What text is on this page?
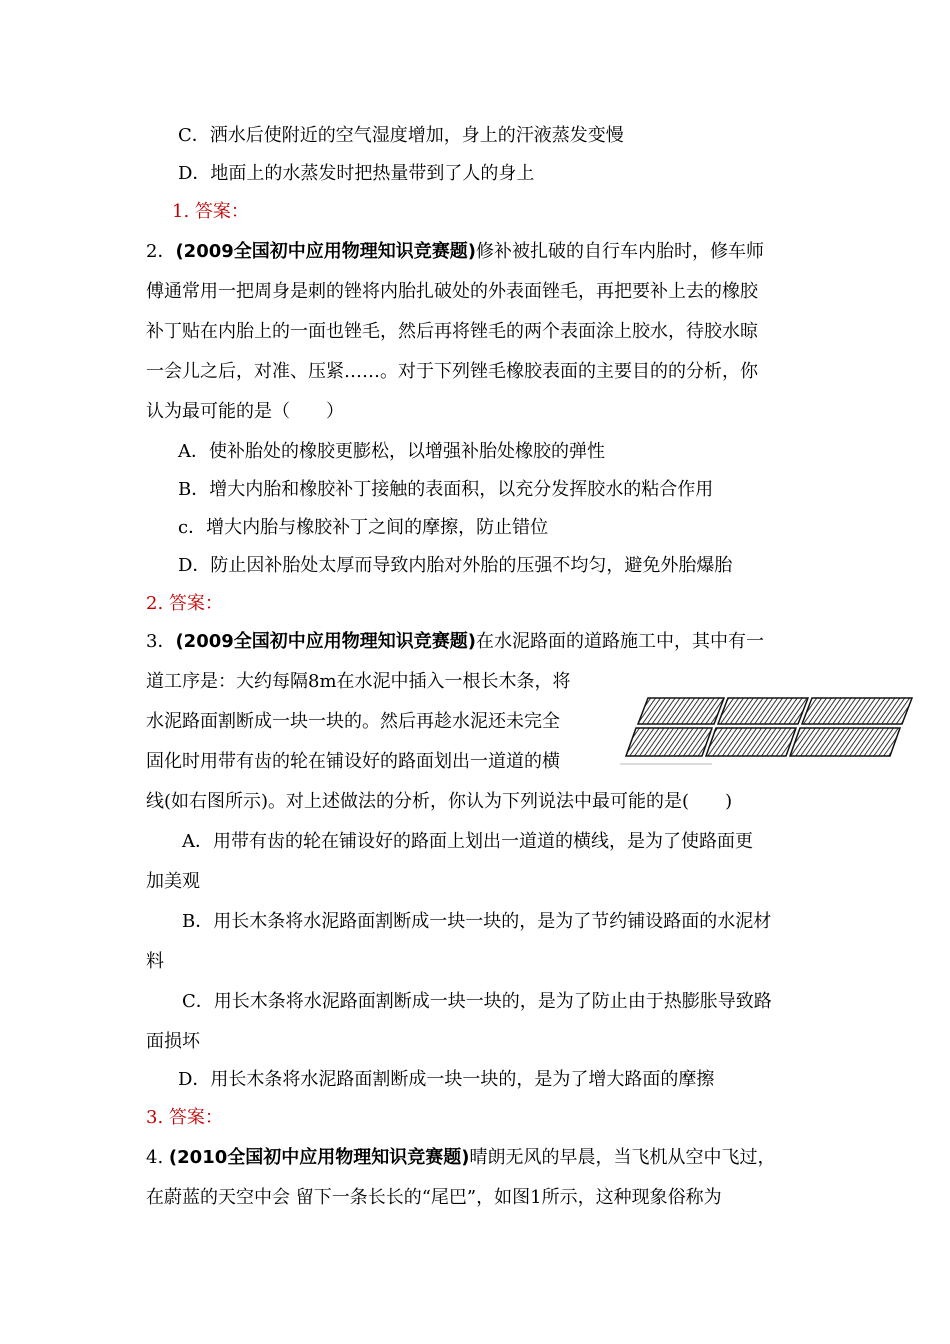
C．洒水后使附近的空气湿度增加，身上的汗液蒸发变慢
D．地面上的水蒸发时把热量带到了人的身上
1. 答案：
2．(2009全国初中应用物理知识竞赛题)修补被扎破的自行车内胎时，修车师
傅通常用一把周身是刺的锉将内胎扎破处的外表面锉毛，再把要补上去的橡胶
补丁贴在内胎上的一面也锉毛，然后再将锉毛的两个表面涂上胶水，待胶水晾
一会儿之后，对准、压紧……。对于下列锉毛橡胶表面的主要目的的分析，你
认为最可能的是（　　）
A．使补胎处的橡胶更膨松，以增强补胎处橡胶的弹性
B．增大内胎和橡胶补丁接触的表面积，以充分发挥胶水的粘合作用
c．增大内胎与橡胶补丁之间的摩擦，防止错位
D．防止因补胎处太厚而导致内胎对外胎的压强不均匀，避免外胎爆胎
2. 答案：
3．(2009全国初中应用物理知识竞赛题)在水泥路面的道路施工中，其中有一
道工序是：大约每隔8m在水泥中插入一根长木条，将
水泥路面割断成一块一块的。然后再趁水泥还未完全
固化时用带有齿的轮在铺设好的路面划出一道道的横
线(如右图所示)。对上述做法的分析，你认为下列说法中最可能的是(　　)
A．用带有齿的轮在铺设好的路面上划出一道道的横线，是为了使路面更
加美观
B．用长木条将水泥路面割断成一块一块的，是为了节约铺设路面的水泥材
料
C．用长木条将水泥路面割断成一块一块的，是为了防止由于热膨胀导致路
面损坏
D．用长木条将水泥路面割断成一块一块的，是为了增大路面的摩擦
3. 答案：
4. (2010全国初中应用物理知识竞赛题)晴朗无风的早晨，当飞机从空中飞过，
在蔚蓝的天空中会 留下一条长长的“尾巴”，如图1所示，这种现象俗称为
